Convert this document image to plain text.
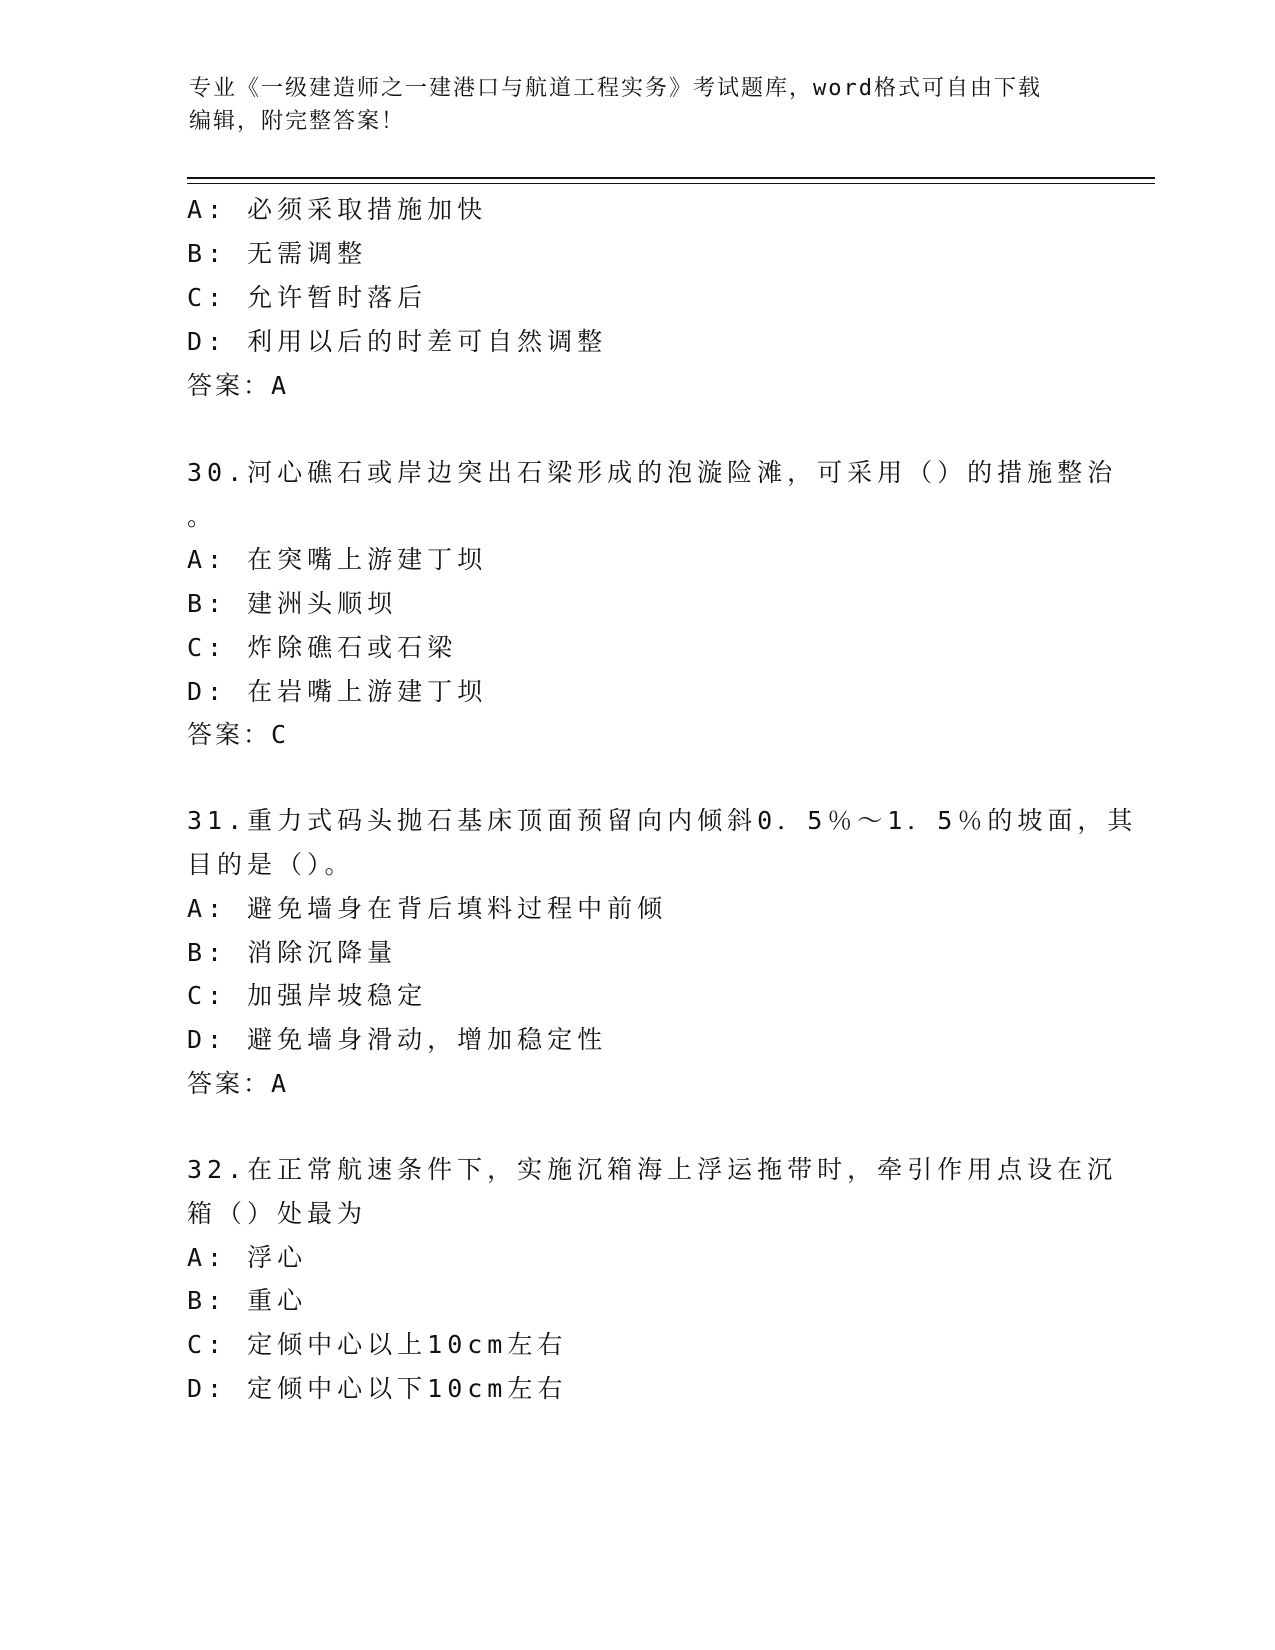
专业《一级建造师之一建港口与航道工程实务》考试题库，word格式可自由下载
编辑，附完整答案！
A: 必须采取措施加快
B: 无需调整
C: 允许暂时落后
D: 利用以后的时差可自然调整
答案：A
30.河心礁石或岸边突出石梁形成的泡漩险滩，可采用（）的措施整治
。
A: 在突嘴上游建丁坝
B: 建洲头顺坝
C: 炸除礁石或石梁
D: 在岩嘴上游建丁坝
答案：C
31.重力式码头抛石基床顶面预留向内倾斜0．5％～1．5％的坡面，其
目的是（）。
A: 避免墙身在背后填料过程中前倾
B: 消除沉降量
C: 加强岸坡稳定
D: 避免墙身滑动，增加稳定性
答案：A
32.在正常航速条件下，实施沉箱海上浮运拖带时，牵引作用点设在沉
箱（）处最为
A: 浮心
B: 重心
C: 定倾中心以上10cm左右
D: 定倾中心以下10cm左右
